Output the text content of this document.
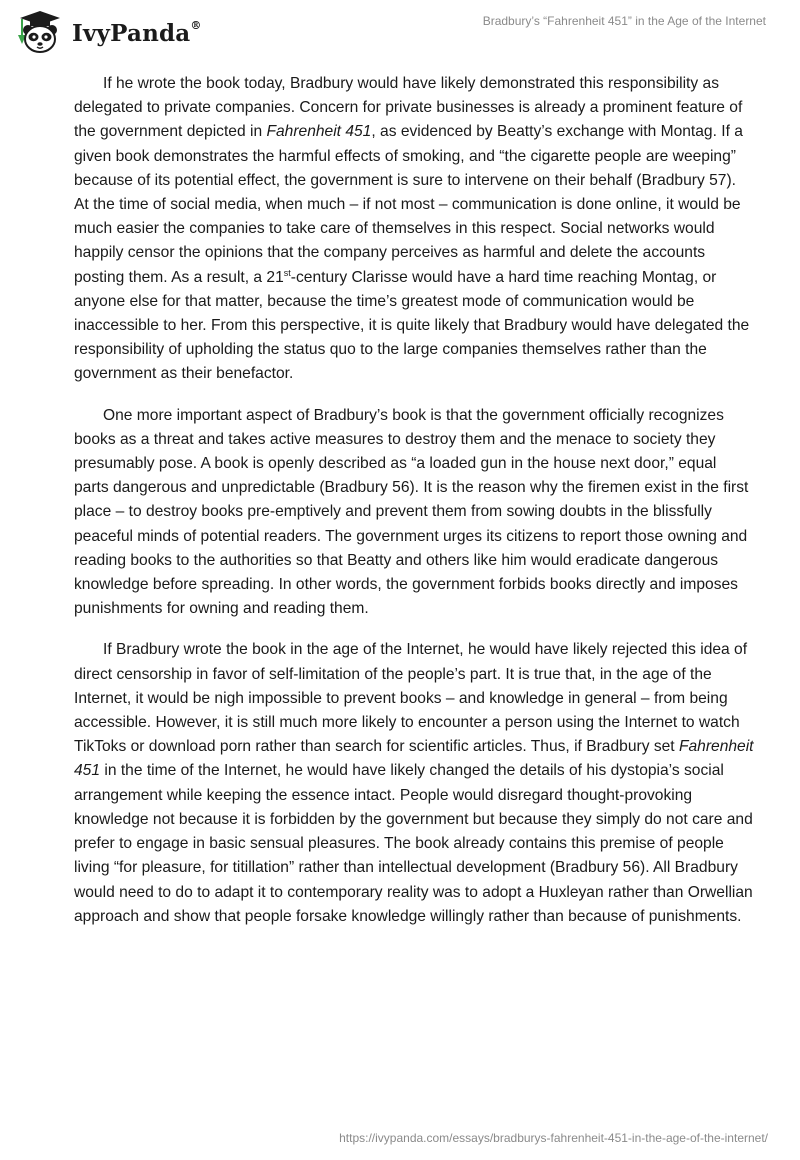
IvyPanda®	Bradbury’s “Fahrenheit 451” in the Age of the Internet

If he wrote the book today, Bradbury would have likely demonstrated this responsibility as delegated to private companies. Concern for private businesses is already a prominent feature of the government depicted in Fahrenheit 451, as evidenced by Beatty’s exchange with Montag. If a given book demonstrates the harmful effects of smoking, and “the cigarette people are weeping” because of its potential effect, the government is sure to intervene on their behalf (Bradbury 57). At the time of social media, when much – if not most – communication is done online, it would be much easier the companies to take care of themselves in this respect. Social networks would happily censor the opinions that the company perceives as harmful and delete the accounts posting them. As a result, a 21st-century Clarisse would have a hard time reaching Montag, or anyone else for that matter, because the time’s greatest mode of communication would be inaccessible to her. From this perspective, it is quite likely that Bradbury would have delegated the responsibility of upholding the status quo to the large companies themselves rather than the government as their benefactor.

One more important aspect of Bradbury’s book is that the government officially recognizes books as a threat and takes active measures to destroy them and the menace to society they presumably pose. A book is openly described as “a loaded gun in the house next door,” equal parts dangerous and unpredictable (Bradbury 56). It is the reason why the firemen exist in the first place – to destroy books pre-emptively and prevent them from sowing doubts in the blissfully peaceful minds of potential readers. The government urges its citizens to report those owning and reading books to the authorities so that Beatty and others like him would eradicate dangerous knowledge before spreading. In other words, the government forbids books directly and imposes punishments for owning and reading them.

If Bradbury wrote the book in the age of the Internet, he would have likely rejected this idea of direct censorship in favor of self-limitation of the people’s part. It is true that, in the age of the Internet, it would be nigh impossible to prevent books – and knowledge in general – from being accessible. However, it is still much more likely to encounter a person using the Internet to watch TikToks or download porn rather than search for scientific articles. Thus, if Bradbury set Fahrenheit 451 in the time of the Internet, he would have likely changed the details of his dystopia’s social arrangement while keeping the essence intact. People would disregard thought-provoking knowledge not because it is forbidden by the government but because they simply do not care and prefer to engage in basic sensual pleasures. The book already contains this premise of people living “for pleasure, for titillation” rather than intellectual development (Bradbury 56). All Bradbury would need to do to adapt it to contemporary reality was to adopt a Huxleyan rather than Orwellian approach and show that people forsake knowledge willingly rather than because of punishments.

https://ivypanda.com/essays/bradburys-fahrenheit-451-in-the-age-of-the-internet/
